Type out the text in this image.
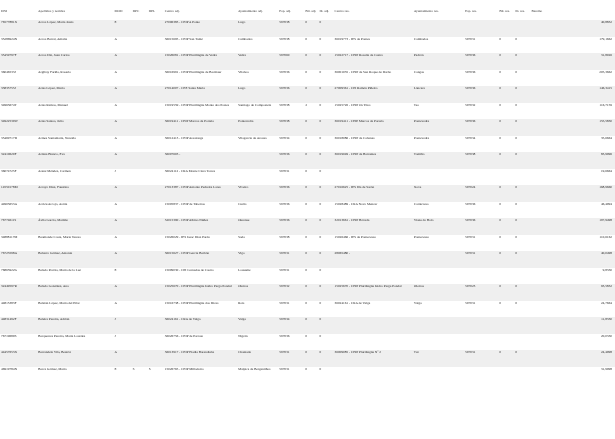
DNI	Apellidos y nombre	MOD	DPC	DPL	Centro adj.	Ayuntamiento adj.	Esp. adj.	Bil. adj.	Ili. adj.	Centro res.	Ayuntamiento res.	Esp. res.	Bil. res.	Ili. res.	Baremo
76577881X	Arcos López, María Jesús	E			27006383 - CEIP A Ponte	Lugo	597038	0	0						40,8832
35286924N	Arcos Barral, Amalia	A			36015695 - CEIP San Tomé	Cambados	597038	0	0	36019773 - IES de Pontes	Cambados	597031	0	0	179,1662
35459797F	Arcos Diz, Juan Carlos	A			15026081 - CEIP Plurilingüe de Vedra	Vedra	597060	0	0	15022717 - CEIP Rosalía de Castro	Padrón	597036	0	0	31,8026
36046533J	Argibay Fariña, Rosario	A			36016991 - CEIP Plurilingüe de Bacmaur	Vilaboa	597036	0	0	36001035 - CEIP de San Roque de Darbo	Cangas	597036	0	0	205,3662
33835755J	Arias López, María	A			27014007 - CEE Santa María	Lugo	597036	0	0	27009361 - CPI Ramón Piñeiro	Láncara	597036	0	0	146,3415
34963674T	Arias Ramos, Manuel	A			15019559 - CEIP Plurilingüe Monte dos Postes	Santiago de Compostela	597038	2	0	15025726 - CEIP Os Tilos	Teo	597032	0	0	116,7159
34922539W	Arias Santos, Julio	A			36019411 - CEIP Marcos da Portela	Pontevedra	597038	0	0	36019411 - CEIP Marcos da Portela	Pontevedra	597036	0	0	155,5830
35469717D	Arines Santamaría, Nereida	A			36012413 - CEIP Arealonga	Vilagarcía de Arousa	597034	0	0	36018086 - CEIP de Cabanas	Pontevedra	597034	0	0	35,6664
32410620F	Arizna Blanco, Eva	A			36007603 -		597036	0	0	36019049 - CEIP de Barrantes	Tomiño	597038	0	0	83,9996
36074725F	Aranz Méndez, Carmen	J			36024112 - CRA Monte Clara Torres		597031	0	0						19,6664
14550178M	Arcayo Díaz, Faustina	A			27013387 - CEIP Antonio Pedreira Lares	Viveiro	597036	0	0	27016625 - IES Illa de Sarón	Xove	597024	0	0	168,9660
44903653A	Arcizu Arcojo, Astria	A			15005837 - CEIP de Tabeiros	Curtis	597036	0	0	15028489 - CRA Novo Mencer	Carnicreso	597036	0	0	46,4994
76774611S	Ávila García, Matilde	A			32015390 - CEIP Albino Núñez	Ourense	597036	0	0	32013661 - CEIP Bóveda	Viana do Bolo	597036	0	0	197,9498
34888117M	Baamonde Costa, María Teresa	A			15026029 - IES Isaac Díaz Pardo	Sada	597038	0	0	15026466 - IES de Pontecesso	Pontecesso	597031	0	0	110,6162
76723598A	Babarro Gómez, Antonia	A			36015627 - CEIP García Barbón	Vigo	597031	0	0	28065480 -		597031	0	0	40,0498
76865922G	Balado Porrúa, María de la Luz	E			15009030 - CPI Cernadas de Castro	Lousame	597031	0	0						9,8330
32449597R	Balado González, Ana	A			15025670 - CEIP Plurilingüe Isidro Parga Pondal	Oleiros	597032	0	0	15025670 - CEIP Plurilingüe Isidro Parga Pondal	Oleiros	597023	0	0	93,5832
44815383F	Balsián López, María del Pilar	A			15016738 - CEIP Plurilingüe dos Dices	Rois	597031	0	0	36024161 - CRA de Valga	Valga	597031	0	0	24,7664
44831492F	Baleira Pereira, Adrián	J			36024161 - CRA de Valga	Valga	597034	0	0						11,8330
76719689S	Barquerres Pereira, María Lourdes	J			36026756 - CEIP de Parrote	Nigrán	597036	0	0						20,0330
44457653X	Barrandela Vila, Beatriz	A			36013917 - CEIP Eladia Barandiaba	Chantada	597031	0	0	36009085 - CEIP Plurilingüe Nº 2	Tui	597031	0	0	24,4998
46919784N	Barca Gómez, María	E	S	S	15026765 - CEIP Milladoiro	Malpica de Bergantiños	597031	0	0						31,9998
